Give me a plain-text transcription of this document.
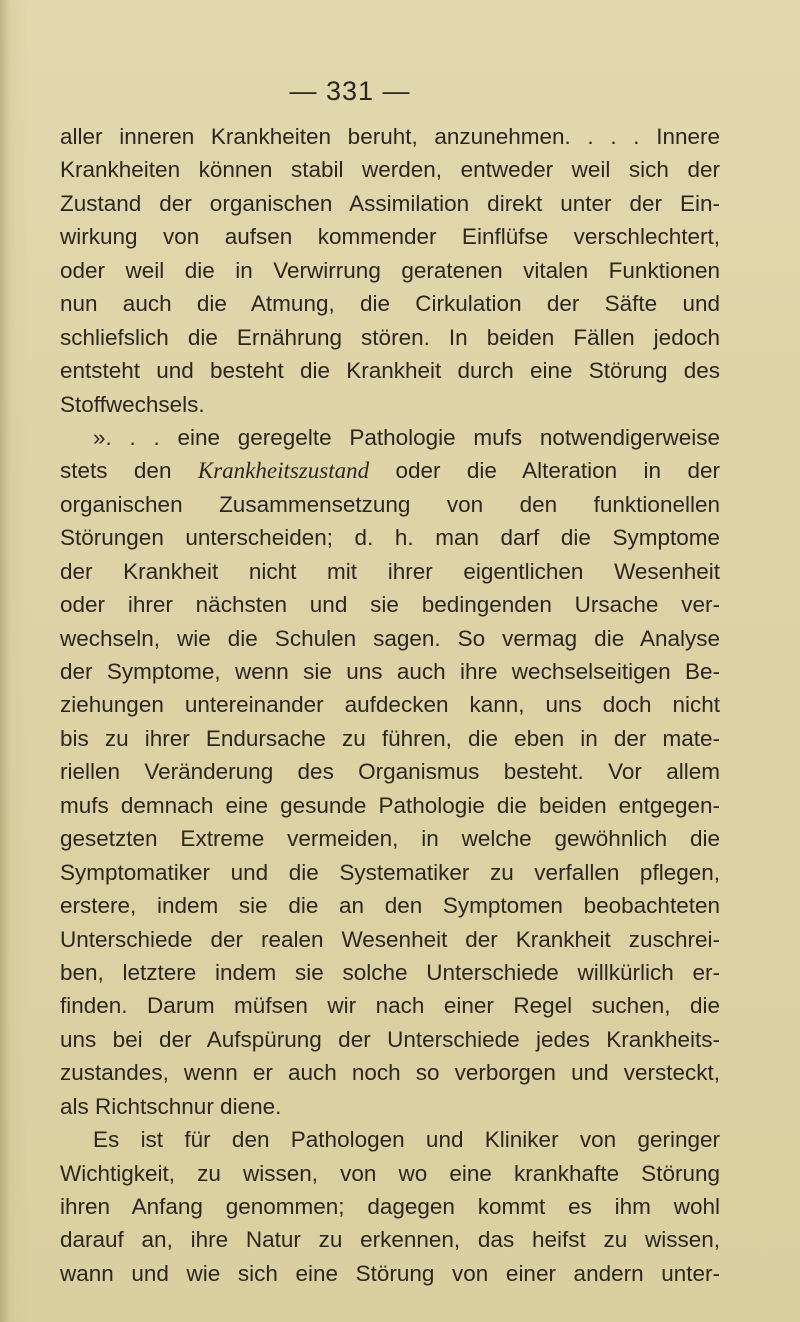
— 331 —
aller inneren Krankheiten beruht, anzunehmen. . . . Innere
Krankheiten können stabil werden, entweder weil sich der
Zustand der organischen Assimilation direkt unter der Ein-
wirkung von aufsen kommender Einflüfse verschlechtert,
oder weil die in Verwirrung geratenen vitalen Funktionen
nun auch die Atmung, die Cirkulation der Säfte und
schliefslich die Ernährung stören. In beiden Fällen jedoch
entsteht und besteht die Krankheit durch eine Störung des
Stoffwechsels.
». . . eine geregelte Pathologie mufs notwendigerweise
stets den Krankheitszustand oder die Alteration in der
organischen Zusammensetzung von den funktionellen
Störungen unterscheiden; d. h. man darf die Symptome
der Krankheit nicht mit ihrer eigentlichen Wesenheit
oder ihrer nächsten und sie bedingenden Ursache ver-
wechseln, wie die Schulen sagen. So vermag die Analyse
der Symptome, wenn sie uns auch ihre wechselseitigen Be-
ziehungen untereinander aufdecken kann, uns doch nicht
bis zu ihrer Endursache zu führen, die eben in der mate-
riellen Veränderung des Organismus besteht. Vor allem
mufs demnach eine gesunde Pathologie die beiden entgegen-
gesetzten Extreme vermeiden, in welche gewöhnlich die
Symptomatiker und die Systematiker zu verfallen pflegen,
erstere, indem sie die an den Symptomen beobachteten
Unterschiede der realen Wesenheit der Krankheit zuschrei-
ben, letztere indem sie solche Unterschiede willkürlich er-
finden. Darum müfsen wir nach einer Regel suchen, die
uns bei der Aufspürung der Unterschiede jedes Krankheits-
zustandes, wenn er auch noch so verborgen und versteckt,
als Richtschnur diene.
Es ist für den Pathologen und Kliniker von geringer
Wichtigkeit, zu wissen, von wo eine krankhafte Störung
ihren Anfang genommen; dagegen kommt es ihm wohl
darauf an, ihre Natur zu erkennen, das heifst zu wissen,
wann und wie sich eine Störung von einer andern unter-
